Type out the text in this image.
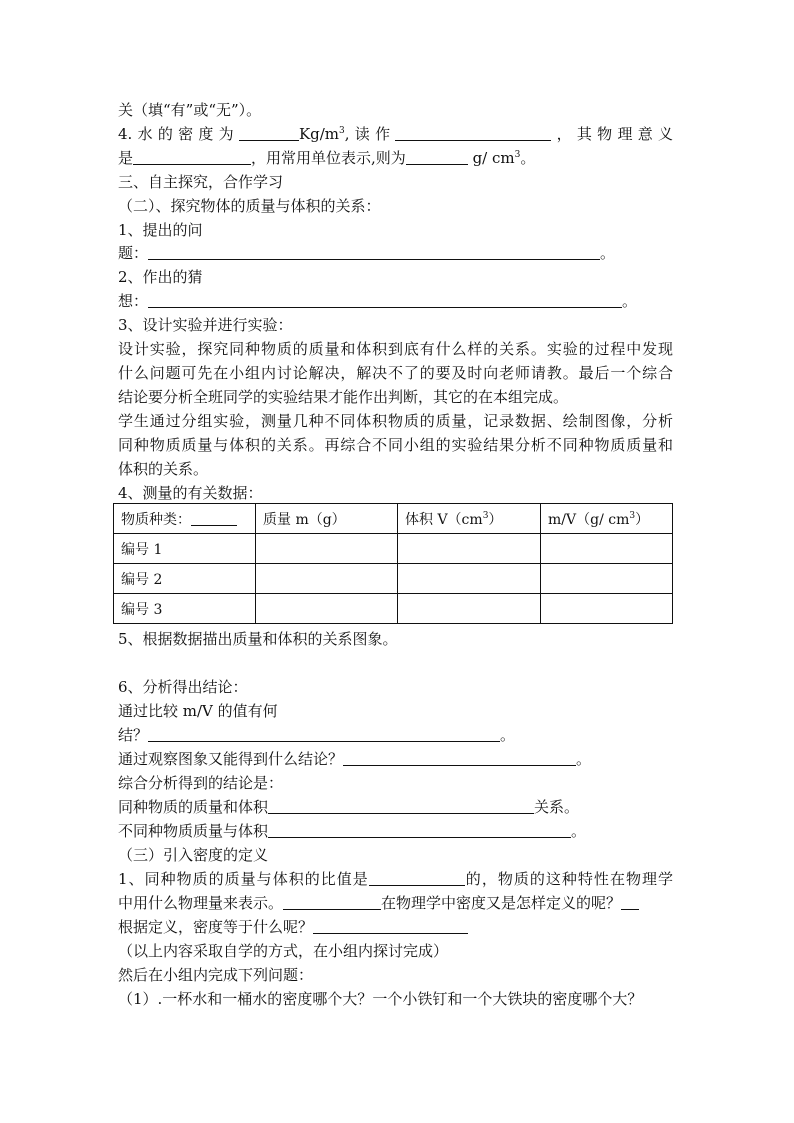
关（填“有”或“无”）。
4.水的密度为	$Kg/m^3$,读作	，其物理意义
是	，用常用单位表示,则为	g/ $cm^3$。
三、自主探究，合作学习
（二）、探究物体的质量与体积的关系：
1、提出的问
题：	。
2、作出的猜
想：	。
3、设计实验并进行实验：
设计实验，探究同种物质的质量和体积到底有什么样的关系。实验的过程中发现
什么问题可先在小组内讨论解决，解决不了的要及时向老师请教。最后一个综合
结论要分析全班同学的实验结果才能作出判断，其它的在本组完成。
学生通过分组实验，测量几种不同体积物质的质量，记录数据、绘制图像，分析
同种物质质量与体积的关系。再综合不同小组的实验结果分析不同种物质质量和
体积的关系。
4、测量的有关数据：
物质种类：	质量 m（g）	体积 $V(cm^3)$	m/V（g/ $cm^3$）
编号 1			
编号 2			
编号 3			
5、根据数据描出质量和体积的关系图象。
6、分析得出结论：
通过比较 m/V 的值有何
结？	。
通过观察图象又能得到什么结论？	。
综合分析得到的结论是：
同种物质的质量和体积	关系。
不同种物质质量与体积	。
（三）引入密度的定义
1、同种物质的质量与体积的比值是	的，物质的这种特性在物理学
中用什么物理量来表示。	在物理学中密度又是怎样定义的呢？
根据定义，密度等于什么呢？
（以上内容采取自学的方式，在小组内探讨完成）
然后在小组内完成下列问题：
（1）.一杯水和一桶水的密度哪个大？一个小铁钉和一个大铁块的密度哪个大？
